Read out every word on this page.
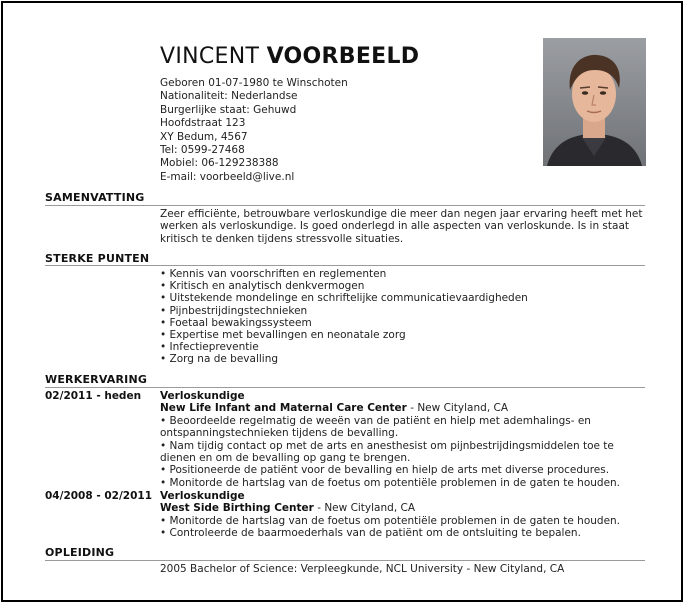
VINCENT VOORBEELD
Geboren 01-07-1980 te Winschoten
Nationaliteit: Nederlandse
Burgerlijke staat: Gehuwd
Hoofdstraat 123
XY Bedum, 4567
Tel: 0599-27468
Mobiel: 06-129238388
E-mail: voorbeeld@live.nl
SAMENVATTING
Zeer efficiënte, betrouwbare verloskundige die meer dan negen jaar ervaring heeft met het werken als verloskundige. Is goed onderlegd in alle aspecten van verloskunde. Is in staat kritisch te denken tijdens stressvolle situaties.
STERKE PUNTEN
• Kennis van voorschriften en reglementen
• Kritisch en analytisch denkvermogen
• Uitstekende mondelinge en schriftelijke communicatievaardigheden
• Pijnbestrijdingstechnieken
• Foetaal bewakingssysteem
• Expertise met bevallingen en neonatale zorg
• Infectiepreventie
• Zorg na de bevalling
WERKERVARING
02/2011 - heden Verloskundige
New Life Infant and Maternal Care Center - New Cityland, CA
• Beoordeelde regelmatig de weeën van de patiënt en hielp met ademhalings- en ontspanningstechnieken tijdens de bevalling.
• Nam tijdig contact op met de arts en anesthesist om pijnbestrijdingsmiddelen toe te dienen en om de bevalling op gang te brengen.
• Positioneerde de patiënt voor de bevalling en hielp de arts met diverse procedures.
• Monitorde de hartslag van de foetus om potentiële problemen in de gaten te houden.
04/2008 - 02/2011 Verloskundige
West Side Birthing Center - New Cityland, CA
• Monitorde de hartslag van de foetus om potentiële problemen in de gaten te houden.
• Controleerde de baarmoederhals van de patiënt om de ontsluiting te bepalen.
OPLEIDING
2005 Bachelor of Science: Verpleegkunde, NCL University - New Cityland, CA
